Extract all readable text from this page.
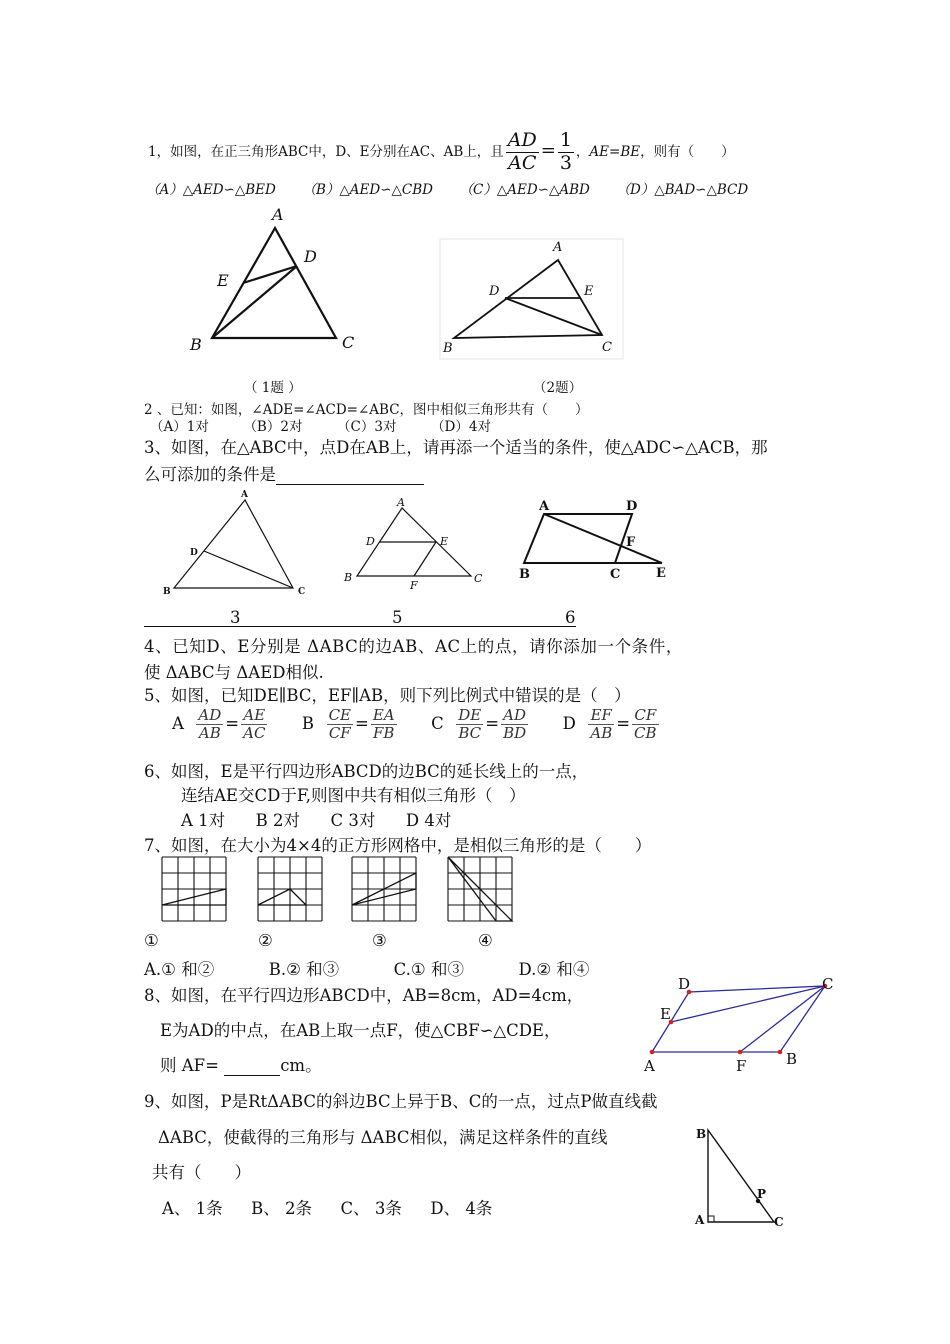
1，如图，在正三角形ABC中，D、E分别在AC、AB上，且 $\frac{AD}{AC} = \frac{1}{3}$ ，AE=BE，则有（　　）
（A）△AED∽△BED （B）△AED∽△CBD （C）△AED∽△ABD （D）△BAD∽△BCD
A
B	C
D
E
A
B	C
D	E
（ 1题 ）	（2题）
2 、已知：如图，∠ADE=∠ACD=∠ABC，图中相似三角形共有（　　）
（A）1对	（B）2对	（C）3对	（D）4对
3、如图，在△ABC中，点D在AB上，请再添一个适当的条件，使△ADC∽△ACB，那
么可添加的条件是
A
B	C
D
A
B	C
D	E
F
A
B	C
D
E
F
3	5	6
4、已知D、E分别是 ΔABC的边AB、AC上的点，请你添加一个条件，
使 ΔABC与 ΔAED相似.
5、如图，已知DE∥BC，EF∥AB，则下列比例式中错误的是（　）
A $\frac{AD}{AB} = \frac{AE}{AC}$ B $\frac{CE}{CF} = \frac{EA}{FB}$ C $\frac{DE}{BC} = \frac{AD}{BD}$ D $\frac{EF}{AB} = \frac{CF}{CB}$
6、如图，E是平行四边形ABCD的边BC的延长线上的一点，
连结AE交CD于F,则图中共有相似三角形（　）
A 1对 B 2对 C 3对 D 4对
7、如图，在大小为4×4的正方形网格中，是相似三角形的是（　　）
①	②	③	④
A.① 和②	B.② 和③	C.① 和③	D.② 和④
8、如图，在平行四边形ABCD中，AB=8cm，AD=4cm，
E为AD的中点，在AB上取一点F，使△CBF∽△CDE，
则 AF=	cm。	A	B
C
D
E
F
9、如图，P是RtΔABC的斜边BC上异于B、C的一点，过点P做直线截
ΔABC，使截得的三角形与 ΔABC相似，满足这样条件的直线
共有（　　）
A、 1条 B、 2条 C、 3条 D、 4条
B
A	C
P
